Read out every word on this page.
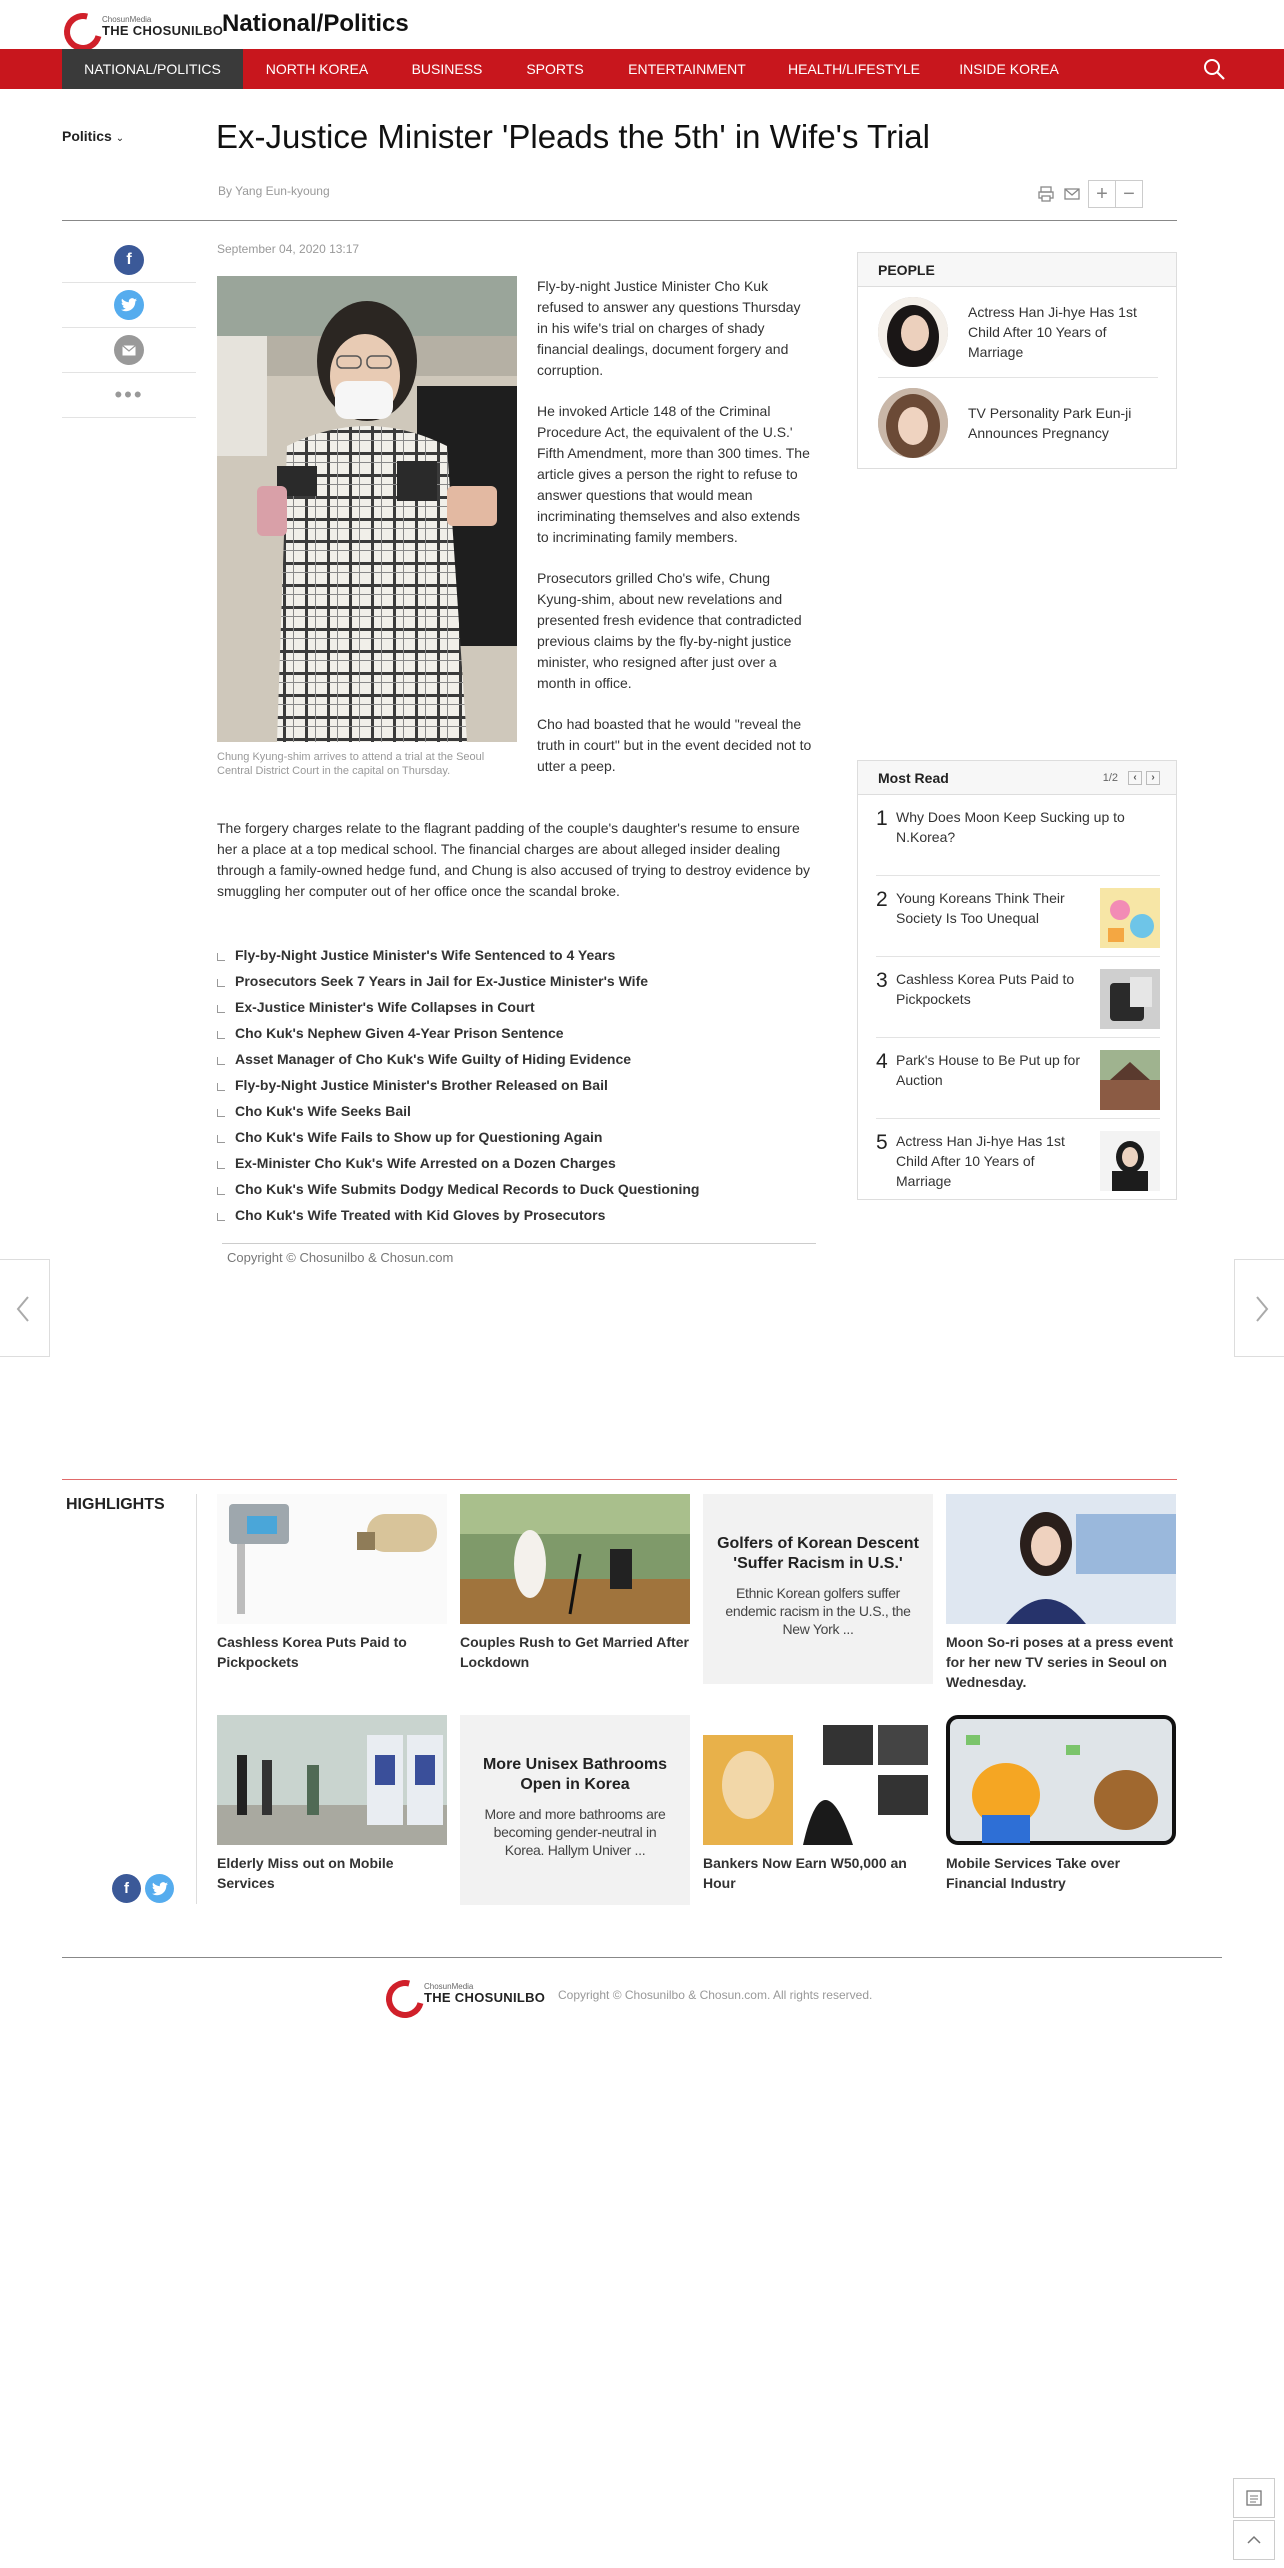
ChosunMedia
THE CHOSUNILBO
National/Politics
NATIONAL/POLITICS	NORTH KOREA	BUSINESS	SPORTS	ENTERTAINMENT	HEALTH/LIFESTYLE	INSIDE KOREA
Politics ⌄	Ex-Justice Minister 'Pleads the 5th' in Wife's Trial
By Yang Eun-kyoung	+ −
f
•••
September 04, 2020 13:17
Chung Kyung-shim arrives to attend a trial at the Seoul Central District Court in the capital on Thursday.

Fly-by-night Justice Minister Cho Kuk refused to answer any questions Thursday in his wife's trial on charges of shady financial dealings, document forgery and corruption.

He invoked Article 148 of the Criminal Procedure Act, the equivalent of the U.S.' Fifth Amendment, more than 300 times. The article gives a person the right to refuse to answer questions that would mean incriminating themselves and also extends to incriminating family members.

Prosecutors grilled Cho's wife, Chung Kyung-shim, about new revelations and presented fresh evidence that contradicted previous claims by the fly-by-night justice minister, who resigned after just over a month in office.

Cho had boasted that he would "reveal the truth in court" but in the event decided not to utter a peep.

The forgery charges relate to the flagrant padding of the couple's daughter's resume to ensure her a place at a top medical school. The financial charges are about alleged insider dealing through a family-owned hedge fund, and Chung is also accused of trying to destroy evidence by smuggling her computer out of her office once the scandal broke.
Fly-by-Night Justice Minister's Wife Sentenced to 4 Years
Prosecutors Seek 7 Years in Jail for Ex-Justice Minister's Wife
Ex-Justice Minister's Wife Collapses in Court
Cho Kuk's Nephew Given 4-Year Prison Sentence
Asset Manager of Cho Kuk's Wife Guilty of Hiding Evidence
Fly-by-Night Justice Minister's Brother Released on Bail
Cho Kuk's Wife Seeks Bail
Cho Kuk's Wife Fails to Show up for Questioning Again
Ex-Minister Cho Kuk's Wife Arrested on a Dozen Charges
Cho Kuk's Wife Submits Dodgy Medical Records to Duck Questioning
Cho Kuk's Wife Treated with Kid Gloves by Prosecutors
Copyright © Chosunilbo & Chosun.com
PEOPLE
Actress Han Ji-hye Has 1st Child After 10 Years of Marriage
TV Personality Park Eun-ji Announces Pregnancy
Most Read	1/2	‹	›
1 Why Does Moon Keep Sucking up to N.Korea?
2 Young Koreans Think Their Society Is Too Unequal
3 Cashless Korea Puts Paid to Pickpockets
4 Park's House to Be Put up for Auction
5 Actress Han Ji-hye Has 1st Child After 10 Years of Marriage
HIGHLIGHTS
Cashless Korea Puts Paid to Pickpockets
Couples Rush to Get Married After Lockdown
Golfers of Korean Descent 'Suffer Racism in U.S.'
Ethnic Korean golfers suffer endemic racism in the U.S., the New York ...
Moon So-ri poses at a press event for her new TV series in Seoul on Wednesday.
Elderly Miss out on Mobile Services
More Unisex Bathrooms Open in Korea
More and more bathrooms are becoming gender-neutral in Korea. Hallym Univer ...
Bankers Now Earn W50,000 an Hour
Mobile Services Take over Financial Industry
f
ChosunMedia
THE CHOSUNILBO Copyright © Chosunilbo & Chosun.com. All rights reserved.
